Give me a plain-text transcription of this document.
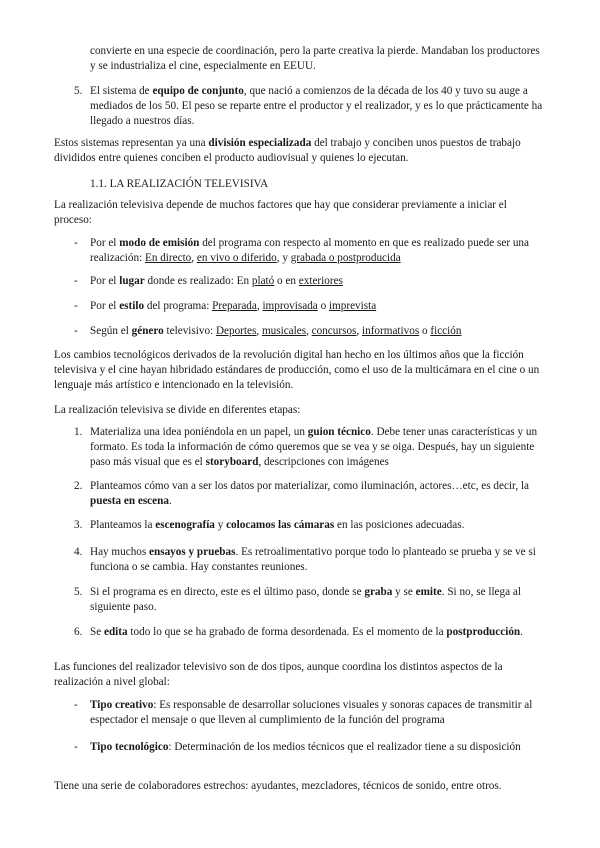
convierte en una especie de coordinación, pero la parte creativa la pierde. Mandaban los productores y se industrializa el cine, especialmente en EEUU.

5. El sistema de equipo de conjunto, que nació a comienzos de la década de los 40 y tuvo su auge a mediados de los 50. El peso se reparte entre el productor y el realizador, y es lo que prácticamente ha llegado a nuestros días.

Estos sistemas representan ya una división especializada del trabajo y conciben unos puestos de trabajo divididos entre quienes conciben el producto audiovisual y quienes lo ejecutan.

1.1. LA REALIZACIÓN TELEVISIVA

La realización televisiva depende de muchos factores que hay que considerar previamente a iniciar el proceso:

-	Por el modo de emisión del programa con respecto al momento en que es realizado puede ser una realización: En directo, en vivo o diferido, y grabada o postproducida
-	Por el lugar donde es realizado: En plató o en exteriores
-	Por el estilo del programa: Preparada, improvisada o imprevista
-	Según el género televisivo: Deportes, musicales, concursos, informativos o ficción

Los cambios tecnológicos derivados de la revolución digital han hecho en los últimos años que la ficción televisiva y el cine hayan hibridado estándares de producción, como el uso de la multicámara en el cine o un lenguaje más artístico e intencionado en la televisión.

La realización televisiva se divide en diferentes etapas:

1. Materializa una idea poniéndola en un papel, un guion técnico. Debe tener unas características y un formato. Es toda la información de cómo queremos que se vea y se oiga. Después, hay un siguiente paso más visual que es el storyboard, descripciones con imágenes
2. Planteamos cómo van a ser los datos por materializar, como iluminación, actores…etc, es decir, la puesta en escena.
3. Planteamos la escenografía y colocamos las cámaras en las posiciones adecuadas.
4. Hay muchos ensayos y pruebas. Es retroalimentativo porque todo lo planteado se prueba y se ve si funciona o se cambia. Hay constantes reuniones.
5. Si el programa es en directo, este es el último paso, donde se graba y se emite. Si no, se llega al siguiente paso.
6. Se edita todo lo que se ha grabado de forma desordenada. Es el momento de la postproducción.

Las funciones del realizador televisivo son de dos tipos, aunque coordina los distintos aspectos de la realización a nivel global:

-	Tipo creativo: Es responsable de desarrollar soluciones visuales y sonoras capaces de transmitir al espectador el mensaje o que lleven al cumplimiento de la función del programa
-	Tipo tecnológico: Determinación de los medios técnicos que el realizador tiene a su disposición

Tiene una serie de colaboradores estrechos: ayudantes, mezcladores, técnicos de sonido, entre otros.
